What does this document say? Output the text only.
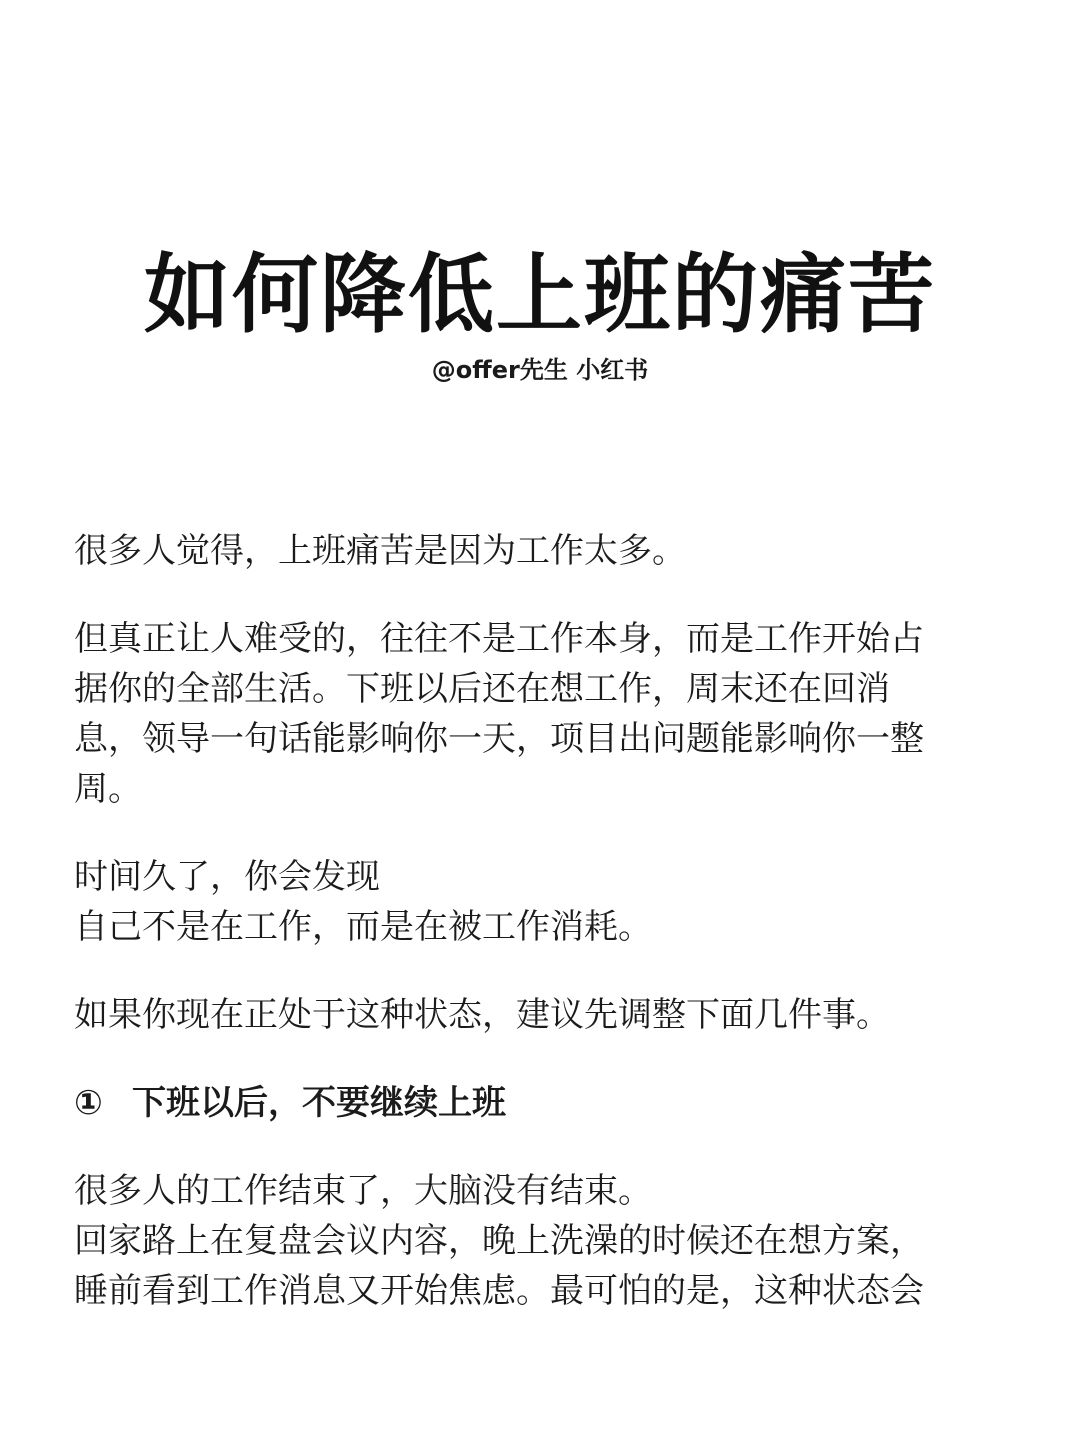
如何降低上班的痛苦
@offer先生 小红书

很多人觉得，上班痛苦是因为工作太多。

但真正让人难受的，往往不是工作本身，而是工作开始占
据你的全部生活。下班以后还在想工作，周末还在回消
息，领导一句话能影响你一天，项目出问题能影响你一整
周。

时间久了，你会发现
自己不是在工作，而是在被工作消耗。

如果你现在正处于这种状态，建议先调整下面几件事。

① 下班以后，不要继续上班

很多人的工作结束了，大脑没有结束。
回家路上在复盘会议内容，晚上洗澡的时候还在想方案，
睡前看到工作消息又开始焦虑。最可怕的是，这种状态会
